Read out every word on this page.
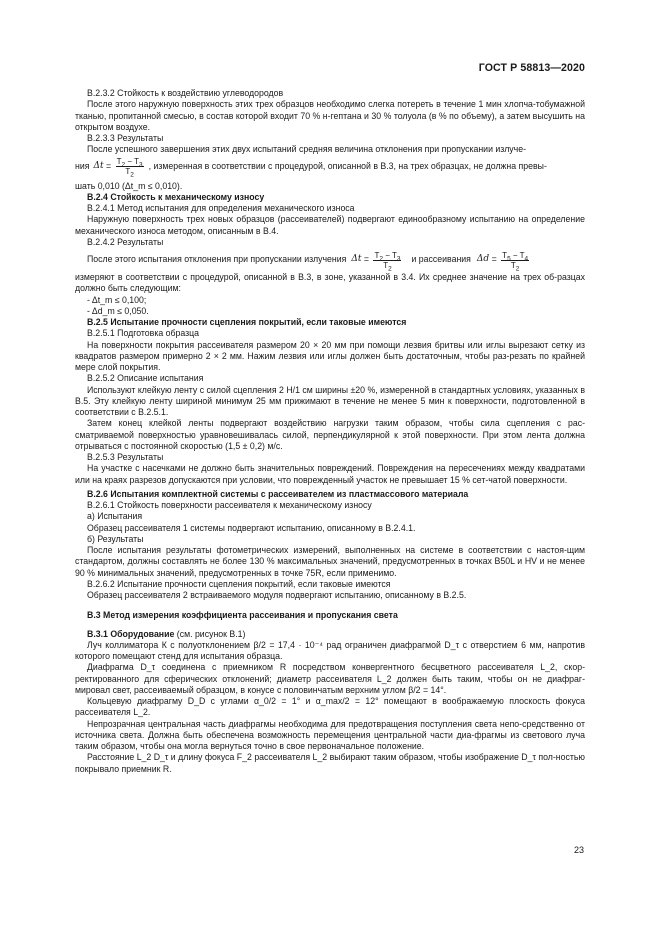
ГОСТ Р 58813—2020

В.2.3.2 Стойкость к воздействию углеводородов

После этого наружную поверхность этих трех образцов необходимо слегка потереть в течение 1 мин хлопча-тобумажной тканью, пропитанной смесью, в состав которой входит 70 % н-гептана и 30 % толуола (в % по объему), а затем высушить на открытом воздухе.

В.2.3.3 Результаты

После успешного завершения этих двух испытаний средняя величина отклонения при пропускании излуче-

ния $\Delta t = \frac{T_2 - T_3}{T_2}$ , измеренная в соответствии с процедурой, описанной в В.3, на трех образцах, не должна превы-

шать 0,010 (Δt_m ≤ 0,010).

В.2.4 Стойкость к механическому износу

В.2.4.1 Метод испытания для определения механического износа

Наружную поверхность трех новых образцов (рассеивателей) подвергают единообразному испытанию на определение механического износа методом, описанным в В.4.

В.2.4.2 Результаты

После этого испытания отклонения при пропускании излучения $\Delta t = \frac{T_2 - T_3}{T_2}$ и рассеивания $\Delta d = \frac{T_5 - T_4}{T_2}$

измеряют в соответствии с процедурой, описанной в В.3, в зоне, указанной в 3.4. Их среднее значение на трех об-разцах должно быть следующим:

- Δt_m ≤ 0,100;

- Δd_m ≤ 0,050.

В.2.5 Испытание прочности сцепления покрытий, если таковые имеются

В.2.5.1 Подготовка образца

На поверхности покрытия рассеивателя размером 20 × 20 мм при помощи лезвия бритвы или иглы вырезают сетку из квадратов размером примерно 2 × 2 мм. Нажим лезвия или иглы должен быть достаточным, чтобы раз-резать по крайней мере слой покрытия.

В.2.5.2 Описание испытания

Используют клейкую ленту с силой сцепления 2 Н/1 см ширины ±20 %, измеренной в стандартных условиях, указанных в В.5. Эту клейкую ленту шириной минимум 25 мм прижимают в течение не менее 5 мин к поверхности, подготовленной в соответствии с В.2.5.1.

Затем конец клейкой ленты подвергают воздействию нагрузки таким образом, чтобы сила сцепления с рас-сматриваемой поверхностью уравновешивалась силой, перпендикулярной к этой поверхности. При этом лента должна отрываться с постоянной скоростью (1,5 ± 0,2) м/с.

В.2.5.3 Результаты

На участке с насечками не должно быть значительных повреждений. Повреждения на пересечениях между квадратами или на краях разрезов допускаются при условии, что поврежденный участок не превышает 15 % сет-чатой поверхности.

В.2.6 Испытания комплектной системы с рассеивателем из пластмассового материала

В.2.6.1 Стойкость поверхности рассеивателя к механическому износу

а) Испытания

Образец рассеивателя 1 системы подвергают испытанию, описанному в В.2.4.1.

б) Результаты

После испытания результаты фотометрических измерений, выполненных на системе в соответствии с настоя-щим стандартом, должны составлять не более 130 % максимальных значений, предусмотренных в точках B50L и HV и не менее 90 % минимальных значений, предусмотренных в точке 75R, если применимо.

В.2.6.2 Испытание прочности сцепления покрытий, если таковые имеются

Образец рассеивателя 2 встраиваемого модуля подвергают испытанию, описанному в В.2.5.

В.3 Метод измерения коэффициента рассеивания и пропускания света

В.3.1 Оборудование (см. рисунок В.1)

Луч коллиматора К с полуотклонением β/2 = 17,4 · 10⁻⁴ рад ограничен диафрагмой D_τ с отверстием 6 мм, напротив которого помещают стенд для испытания образца.

Диафрагма D_τ соединена с приемником R посредством конвергентного бесцветного рассеивателя L_2, скор-ректированного для сферических отклонений; диаметр рассеивателя L_2 должен быть таким, чтобы он не диафраг-мировал свет, рассеиваемый образцом, в конусе с половинчатым верхним углом β/2 = 14°.

Кольцевую диафрагму D_D с углами α_0/2 = 1° и α_max/2 = 12° помещают в воображаемую плоскость фокуса рассеивателя L_2.

Непрозрачная центральная часть диафрагмы необходима для предотвращения поступления света непо-средственно от источника света. Должна быть обеспечена возможность перемещения центральной части диа-фрагмы из светового луча таким образом, чтобы она могла вернуться точно в свое первоначальное положение.

Расстояние L_2 D_τ и длину фокуса F_2 рассеивателя L_2 выбирают таким образом, чтобы изображение D_τ пол-ностью покрывало приемник R.

23
